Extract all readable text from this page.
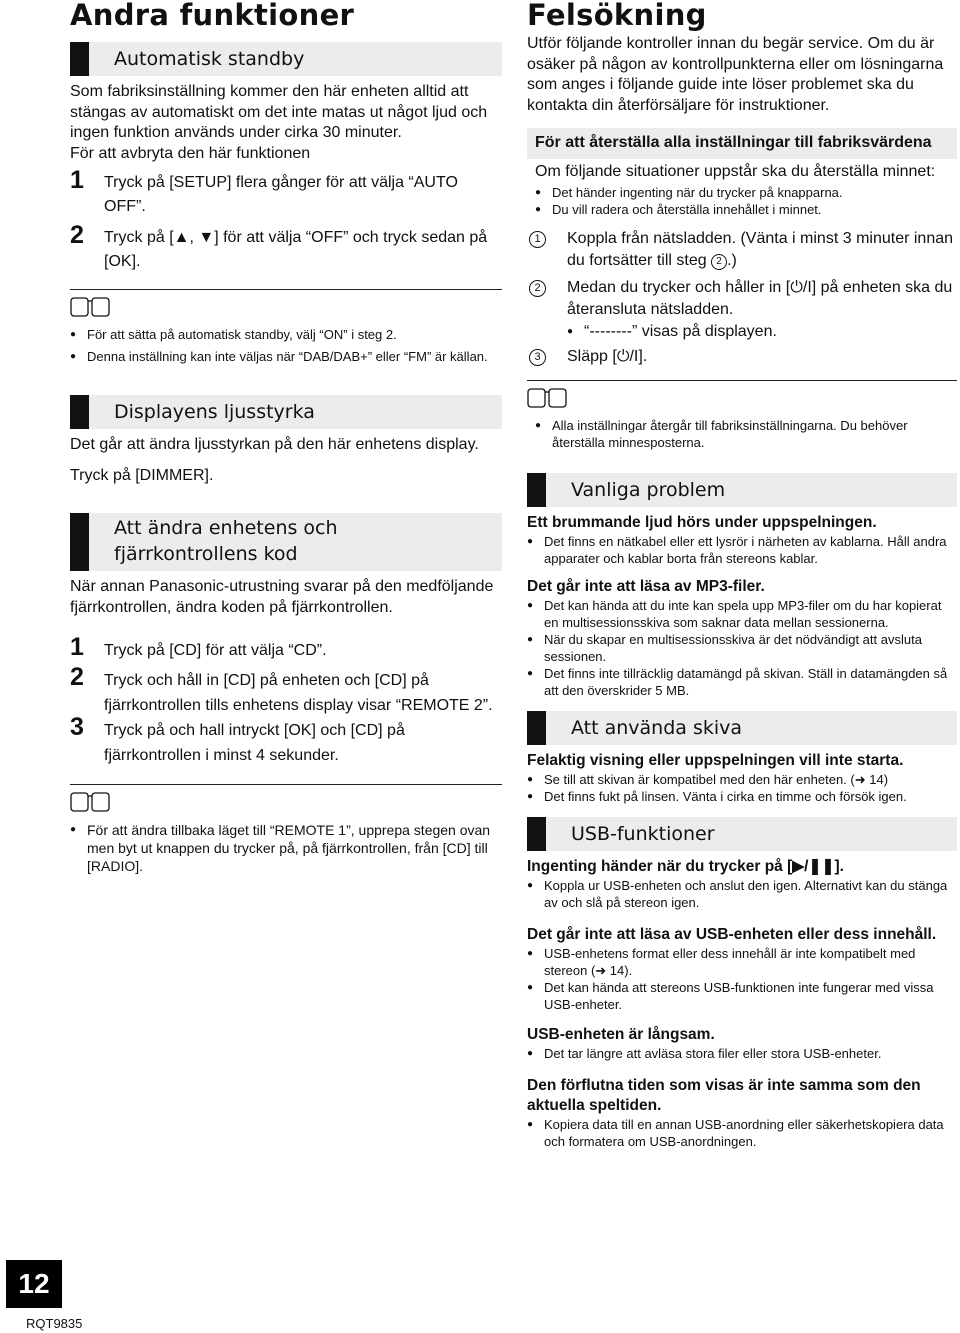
Andra funktioner
Automatisk standby

Som fabriksinställning kommer den här enheten alltid att stängas av automatiskt om det inte matas ut något ljud och ingen funktion används under cirka 30 minuter.

För att avbryta den här funktionen

1 Tryck på [SETUP] flera gånger för att välja “AUTO OFF”.
2 Tryck på [▲, ▼] för att välja “OFF” och tryck sedan på [OK].

● För att sätta på automatisk standby, välj “ON” i steg 2.

● Denna inställning kan inte väljas när “DAB/DAB+” eller “FM” är källan.

Displayens ljusstyrka

Det går att ändra ljusstyrkan på den här enhetens display.

Tryck på [DIMMER].

Att ändra enhetens och
fjärrkontrollens kod

När annan Panasonic-utrustning svarar på den medföljande fjärrkontrollen, ändra koden på fjärrkontrollen.

1 Tryck på [CD] för att välja “CD”.
2 Tryck och håll in [CD] på enheten och [CD] på fjärrkontrollen tills enhetens display visar “REMOTE 2”.
3 Tryck på och hall intryckt [OK] och [CD] på fjärrkontrollen i minst 4 sekunder.

● För att ändra tillbaka läget till “REMOTE 1”, upprepa stegen ovan men byt ut knappen du trycker på, på fjärrkontrollen, från [CD] till [RADIO].

Felsökning

Utför följande kontroller innan du begär service. Om du är osäker på någon av kontrollpunkterna eller om lösningarna som anges i följande guide inte löser problemet ska du kontakta din återförsäljare för instruktioner.

För att återställa alla inställningar till fabriksvärdena

Om följande situationer uppstår ska du återställa minnet:

● Det händer ingenting när du trycker på knapparna.

● Du vill radera och återställa innehållet i minnet.

1	Koppla från nätsladden. (Vänta i minst 3 minuter innan du fortsätter till steg 2 .)
2	Medan du trycker och håller in [⏻/I] på enheten ska du återansluta nätsladden.
● “--------” visas på displayen.
3	Släpp [⏻/I].

● Alla inställningar återgår till fabriksinställningarna. Du behöver återställa minnesposterna.

Vanliga problem

Ett brummande ljud hörs under uppspelningen.

● Det finns en nätkabel eller ett lysrör i närheten av kablarna. Håll andra apparater och kablar borta från stereons kablar.

Det går inte att läsa av MP3-filer.

● Det kan hända att du inte kan spela upp MP3-filer om du har kopierat en multisessionsskiva som saknar data mellan sessionerna.

● När du skapar en multisessionsskiva är det nödvändigt att avsluta sessionen.

● Det finns inte tillräcklig datamängd på skivan. Ställ in datamängden så att den överskrider 5 MB.

Att använda skiva

Felaktig visning eller uppspelningen vill inte starta.

● Se till att skivan är kompatibel med den här enheten. (➜ 14)

● Det finns fukt på linsen. Vänta i cirka en timme och försök igen.

USB-funktioner

Ingenting händer när du trycker på [▶/❚❚].

● Koppla ur USB-enheten och anslut den igen. Alternativt kan du stänga av och slå på stereon igen.

Det går inte att läsa av USB-enheten eller dess innehåll.

● USB-enhetens format eller dess innehåll är inte kompatibelt med stereon (➜ 14).

● Det kan hända att stereons USB-funktionen inte fungerar med vissa USB-enheter.

USB-enheten är långsam.

● Det tar längre att avläsa stora filer eller stora USB-enheter.

Den förflutna tiden som visas är inte samma som den aktuella speltiden.

● Kopiera data till en annan USB-anordning eller säkerhetskopiera data och formatera om USB-anordningen.

12
RQT9835
